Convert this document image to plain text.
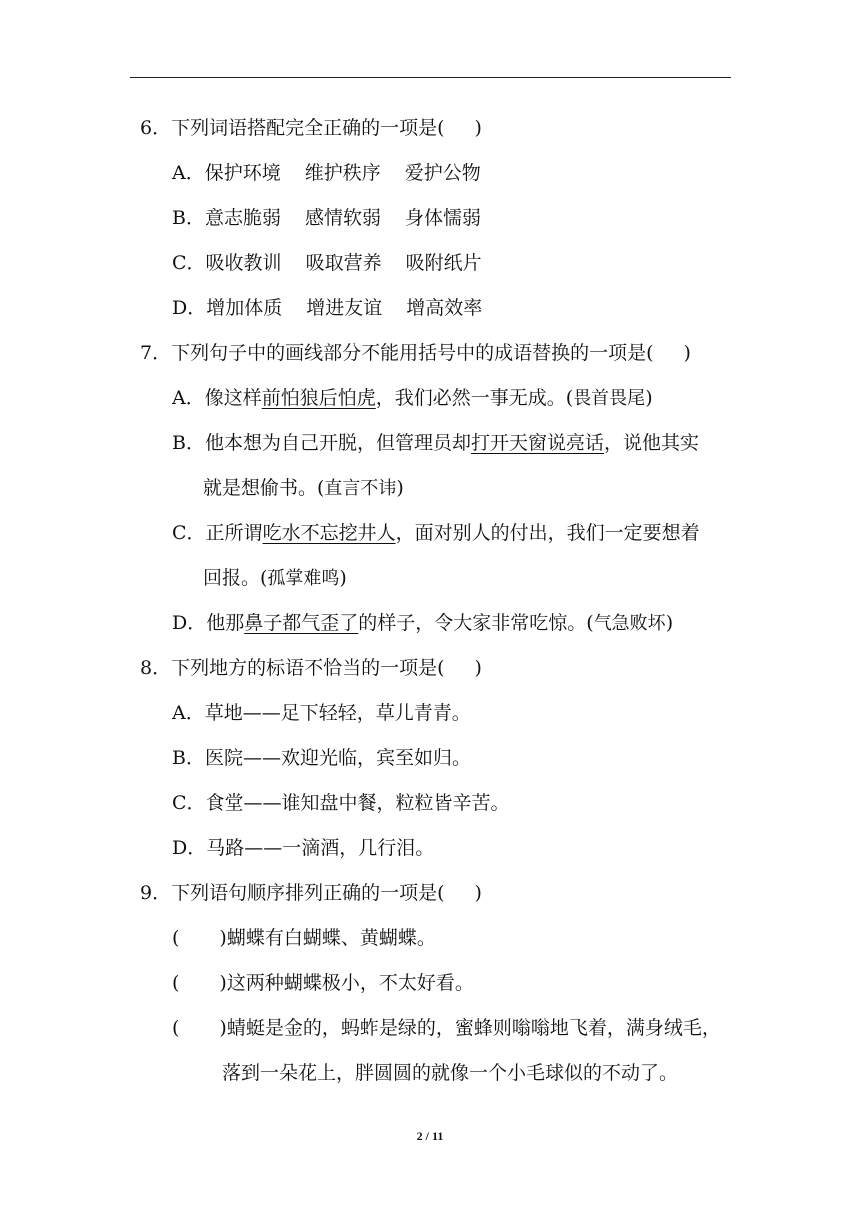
6．下列词语搭配完全正确的一项是( )
A．保护环境 维护秩序 爱护公物
B．意志脆弱 感情软弱 身体懦弱
C．吸收教训 吸取营养 吸附纸片
D．增加体质 增进友谊 增高效率
7．下列句子中的画线部分不能用括号中的成语替换的一项是( )
A．像这样前怕狼后怕虎，我们必然一事无成。(畏首畏尾)
B．他本想为自己开脱，但管理员却打开天窗说亮话，说他其实
就是想偷书。(直言不讳)
C．正所谓吃水不忘挖井人，面对别人的付出，我们一定要想着
回报。(孤掌难鸣)
D．他那鼻子都气歪了的样子，令大家非常吃惊。(气急败坏)
8．下列地方的标语不恰当的一项是( )
A．草地——足下轻轻，草儿青青。
B．医院——欢迎光临，宾至如归。
C．食堂——谁知盘中餐，粒粒皆辛苦。
D．马路——一滴酒，几行泪。
9．下列语句顺序排列正确的一项是( )
( )蝴蝶有白蝴蝶、黄蝴蝶。
( )这两种蝴蝶极小，不太好看。
( )蜻蜓是金的，蚂蚱是绿的，蜜蜂则嗡嗡地飞着，满身绒毛，
落到一朵花上，胖圆圆的就像一个小毛球似的不动了。
2 / 11
